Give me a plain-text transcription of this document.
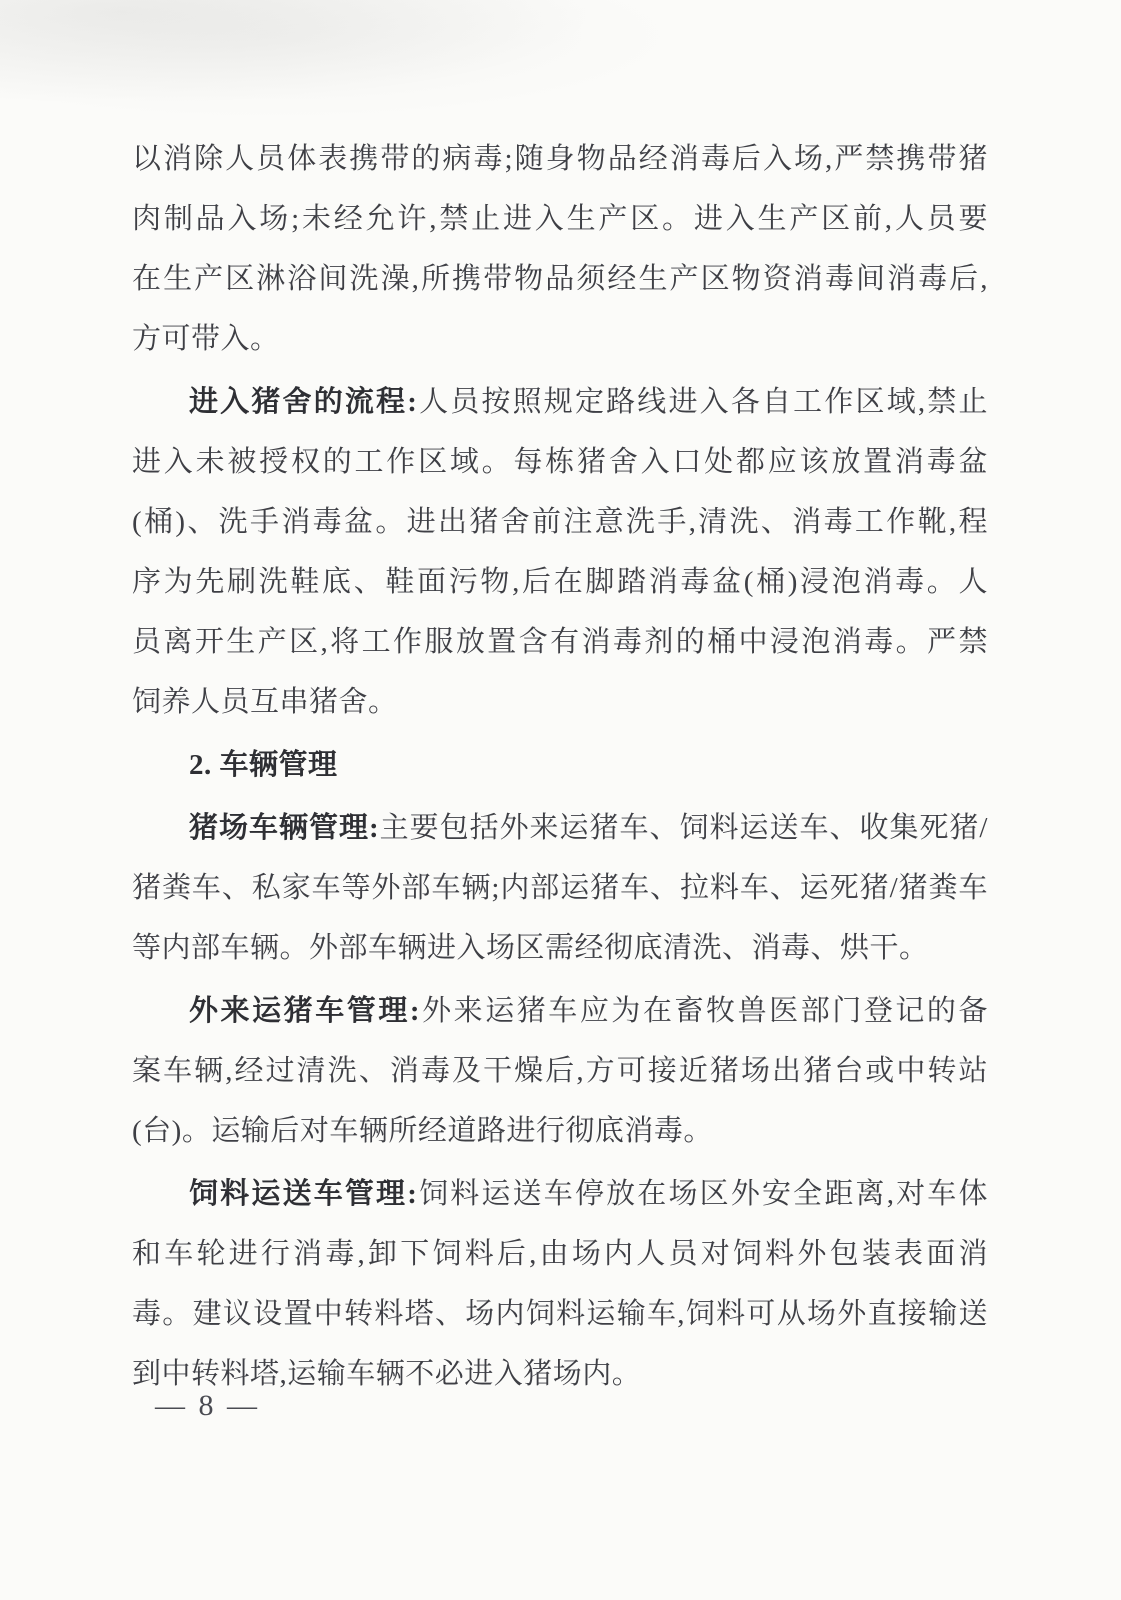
以消除人员体表携带的病毒;随身物品经消毒后入场,严禁携带猪
肉制品入场;未经允许,禁止进入生产区。进入生产区前,人员要
在生产区淋浴间洗澡,所携带物品须经生产区物资消毒间消毒后,
方可带入。
进入猪舍的流程:人员按照规定路线进入各自工作区域,禁止
进入未被授权的工作区域。每栋猪舍入口处都应该放置消毒盆
(桶)、洗手消毒盆。进出猪舍前注意洗手,清洗、消毒工作靴,程
序为先刷洗鞋底、鞋面污物,后在脚踏消毒盆(桶)浸泡消毒。人
员离开生产区,将工作服放置含有消毒剂的桶中浸泡消毒。严禁
饲养人员互串猪舍。
2. 车辆管理
猪场车辆管理:主要包括外来运猪车、饲料运送车、收集死猪/
猪粪车、私家车等外部车辆;内部运猪车、拉料车、运死猪/猪粪车
等内部车辆。外部车辆进入场区需经彻底清洗、消毒、烘干。
外来运猪车管理:外来运猪车应为在畜牧兽医部门登记的备
案车辆,经过清洗、消毒及干燥后,方可接近猪场出猪台或中转站
(台)。运输后对车辆所经道路进行彻底消毒。
饲料运送车管理:饲料运送车停放在场区外安全距离,对车体
和车轮进行消毒,卸下饲料后,由场内人员对饲料外包装表面消
毒。建议设置中转料塔、场内饲料运输车,饲料可从场外直接输送
到中转料塔,运输车辆不必进入猪场内。
— 8 —
